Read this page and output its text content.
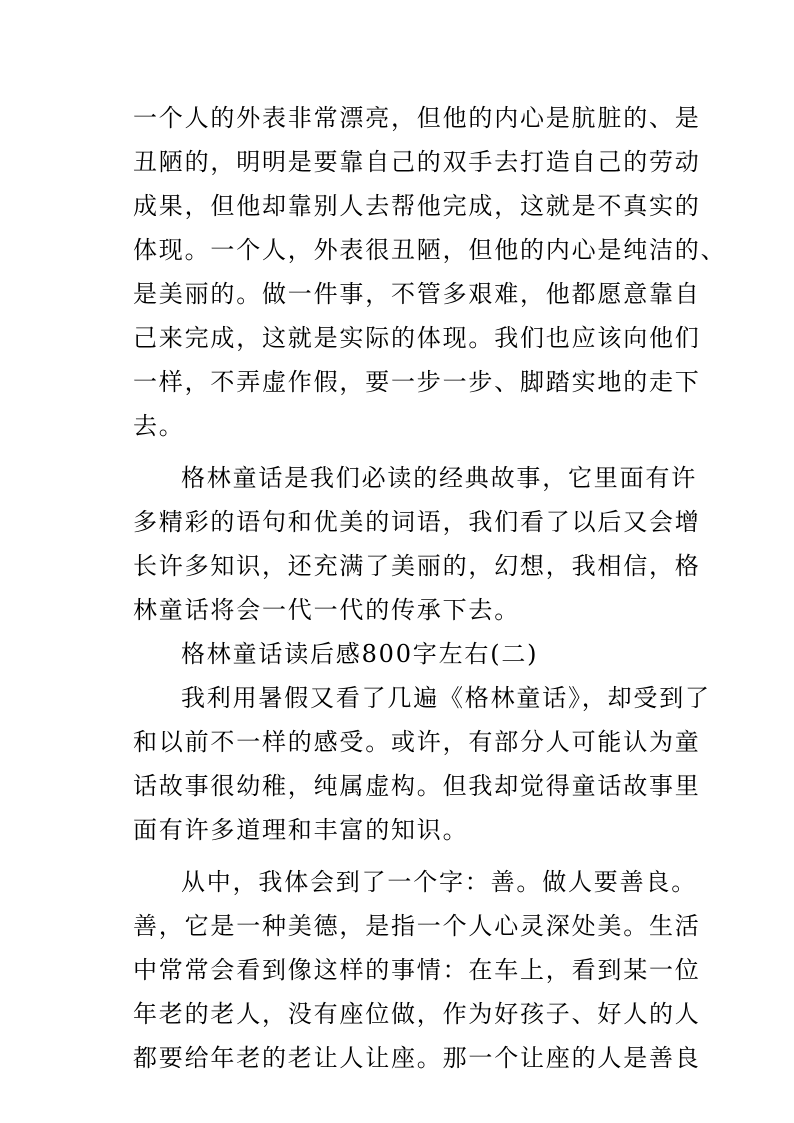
一个人的外表非常漂亮，但他的内心是肮脏的、是
丑陋的，明明是要靠自己的双手去打造自己的劳动
成果，但他却靠别人去帮他完成，这就是不真实的
体现。一个人，外表很丑陋，但他的内心是纯洁的、
是美丽的。做一件事，不管多艰难，他都愿意靠自
己来完成，这就是实际的体现。我们也应该向他们
一样，不弄虚作假，要一步一步、脚踏实地的走下
去。
格林童话是我们必读的经典故事，它里面有许
多精彩的语句和优美的词语，我们看了以后又会增
长许多知识，还充满了美丽的，幻想，我相信，格
林童话将会一代一代的传承下去。
格林童话读后感800字左右(二)
我利用暑假又看了几遍《格林童话》，却受到了
和以前不一样的感受。或许，有部分人可能认为童
话故事很幼稚，纯属虚构。但我却觉得童话故事里
面有许多道理和丰富的知识。
从中，我体会到了一个字：善。做人要善良。
善，它是一种美德，是指一个人心灵深处美。生活
中常常会看到像这样的事情：在车上，看到某一位
年老的老人，没有座位做，作为好孩子、好人的人
都要给年老的老让人让座。那一个让座的人是善良
